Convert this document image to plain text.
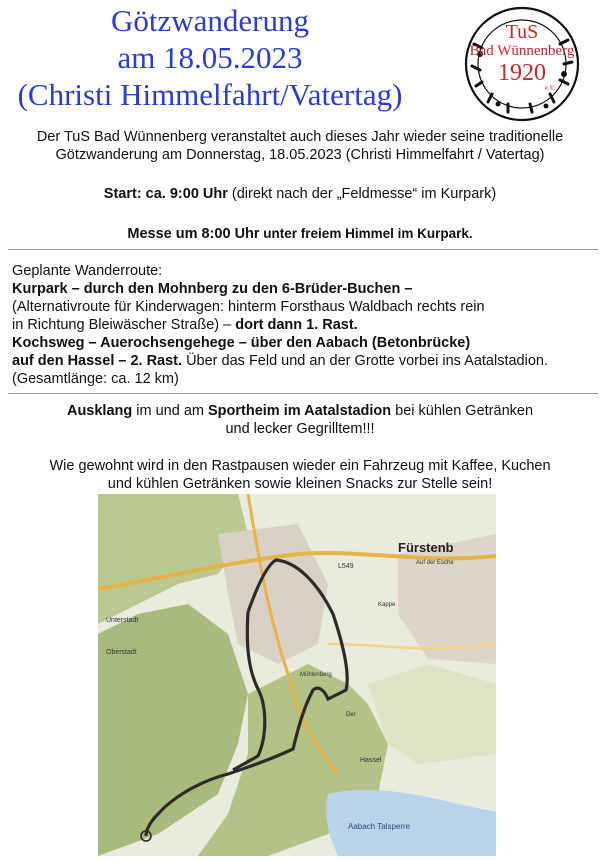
Götzwanderung
am 18.05.2023
(Christi Himmelfahrt/Vatertag)
TuS
Bad Wünnenberg
1920
e.V.
Der TuS Bad Wünnenberg veranstaltet auch dieses Jahr wieder seine traditionelle
Götzwanderung am Donnerstag, 18.05.2023 (Christi Himmelfahrt / Vatertag)
Start: ca. 9:00 Uhr (direkt nach der „Feldmesse“ im Kurpark)
Messe um 8:00 Uhr unter freiem Himmel im Kurpark.
Geplante Wanderroute:
Kurpark – durch den Mohnberg zu den 6-Brüder-Buchen –
(Alternativroute für Kinderwagen: hinterm Forsthaus Waldbach rechts rein
in Richtung Bleiwäscher Straße) – dort dann 1. Rast.
Kochsweg – Auerochsengehege – über den Aabach (Betonbrücke)
auf den Hassel – 2. Rast. Über das Feld und an der Grotte vorbei ins Aatalstadion.
(Gesamtlänge: ca. 12 km)
Ausklang im und am Sportheim im Aatalstadion bei kühlen Getränken
und lecker Gegrilltem!!!
Wie gewohnt wird in den Rastpausen wieder ein Fahrzeug mit Kaffee, Kuchen
und kühlen Getränken sowie kleinen Snacks zur Stelle sein!
Fürstenb
Unterstadt
Oberstadt
Hassel
Aabach Talsperre
L549	Auf der Esche
Kappe
Der
Mühlenberg
